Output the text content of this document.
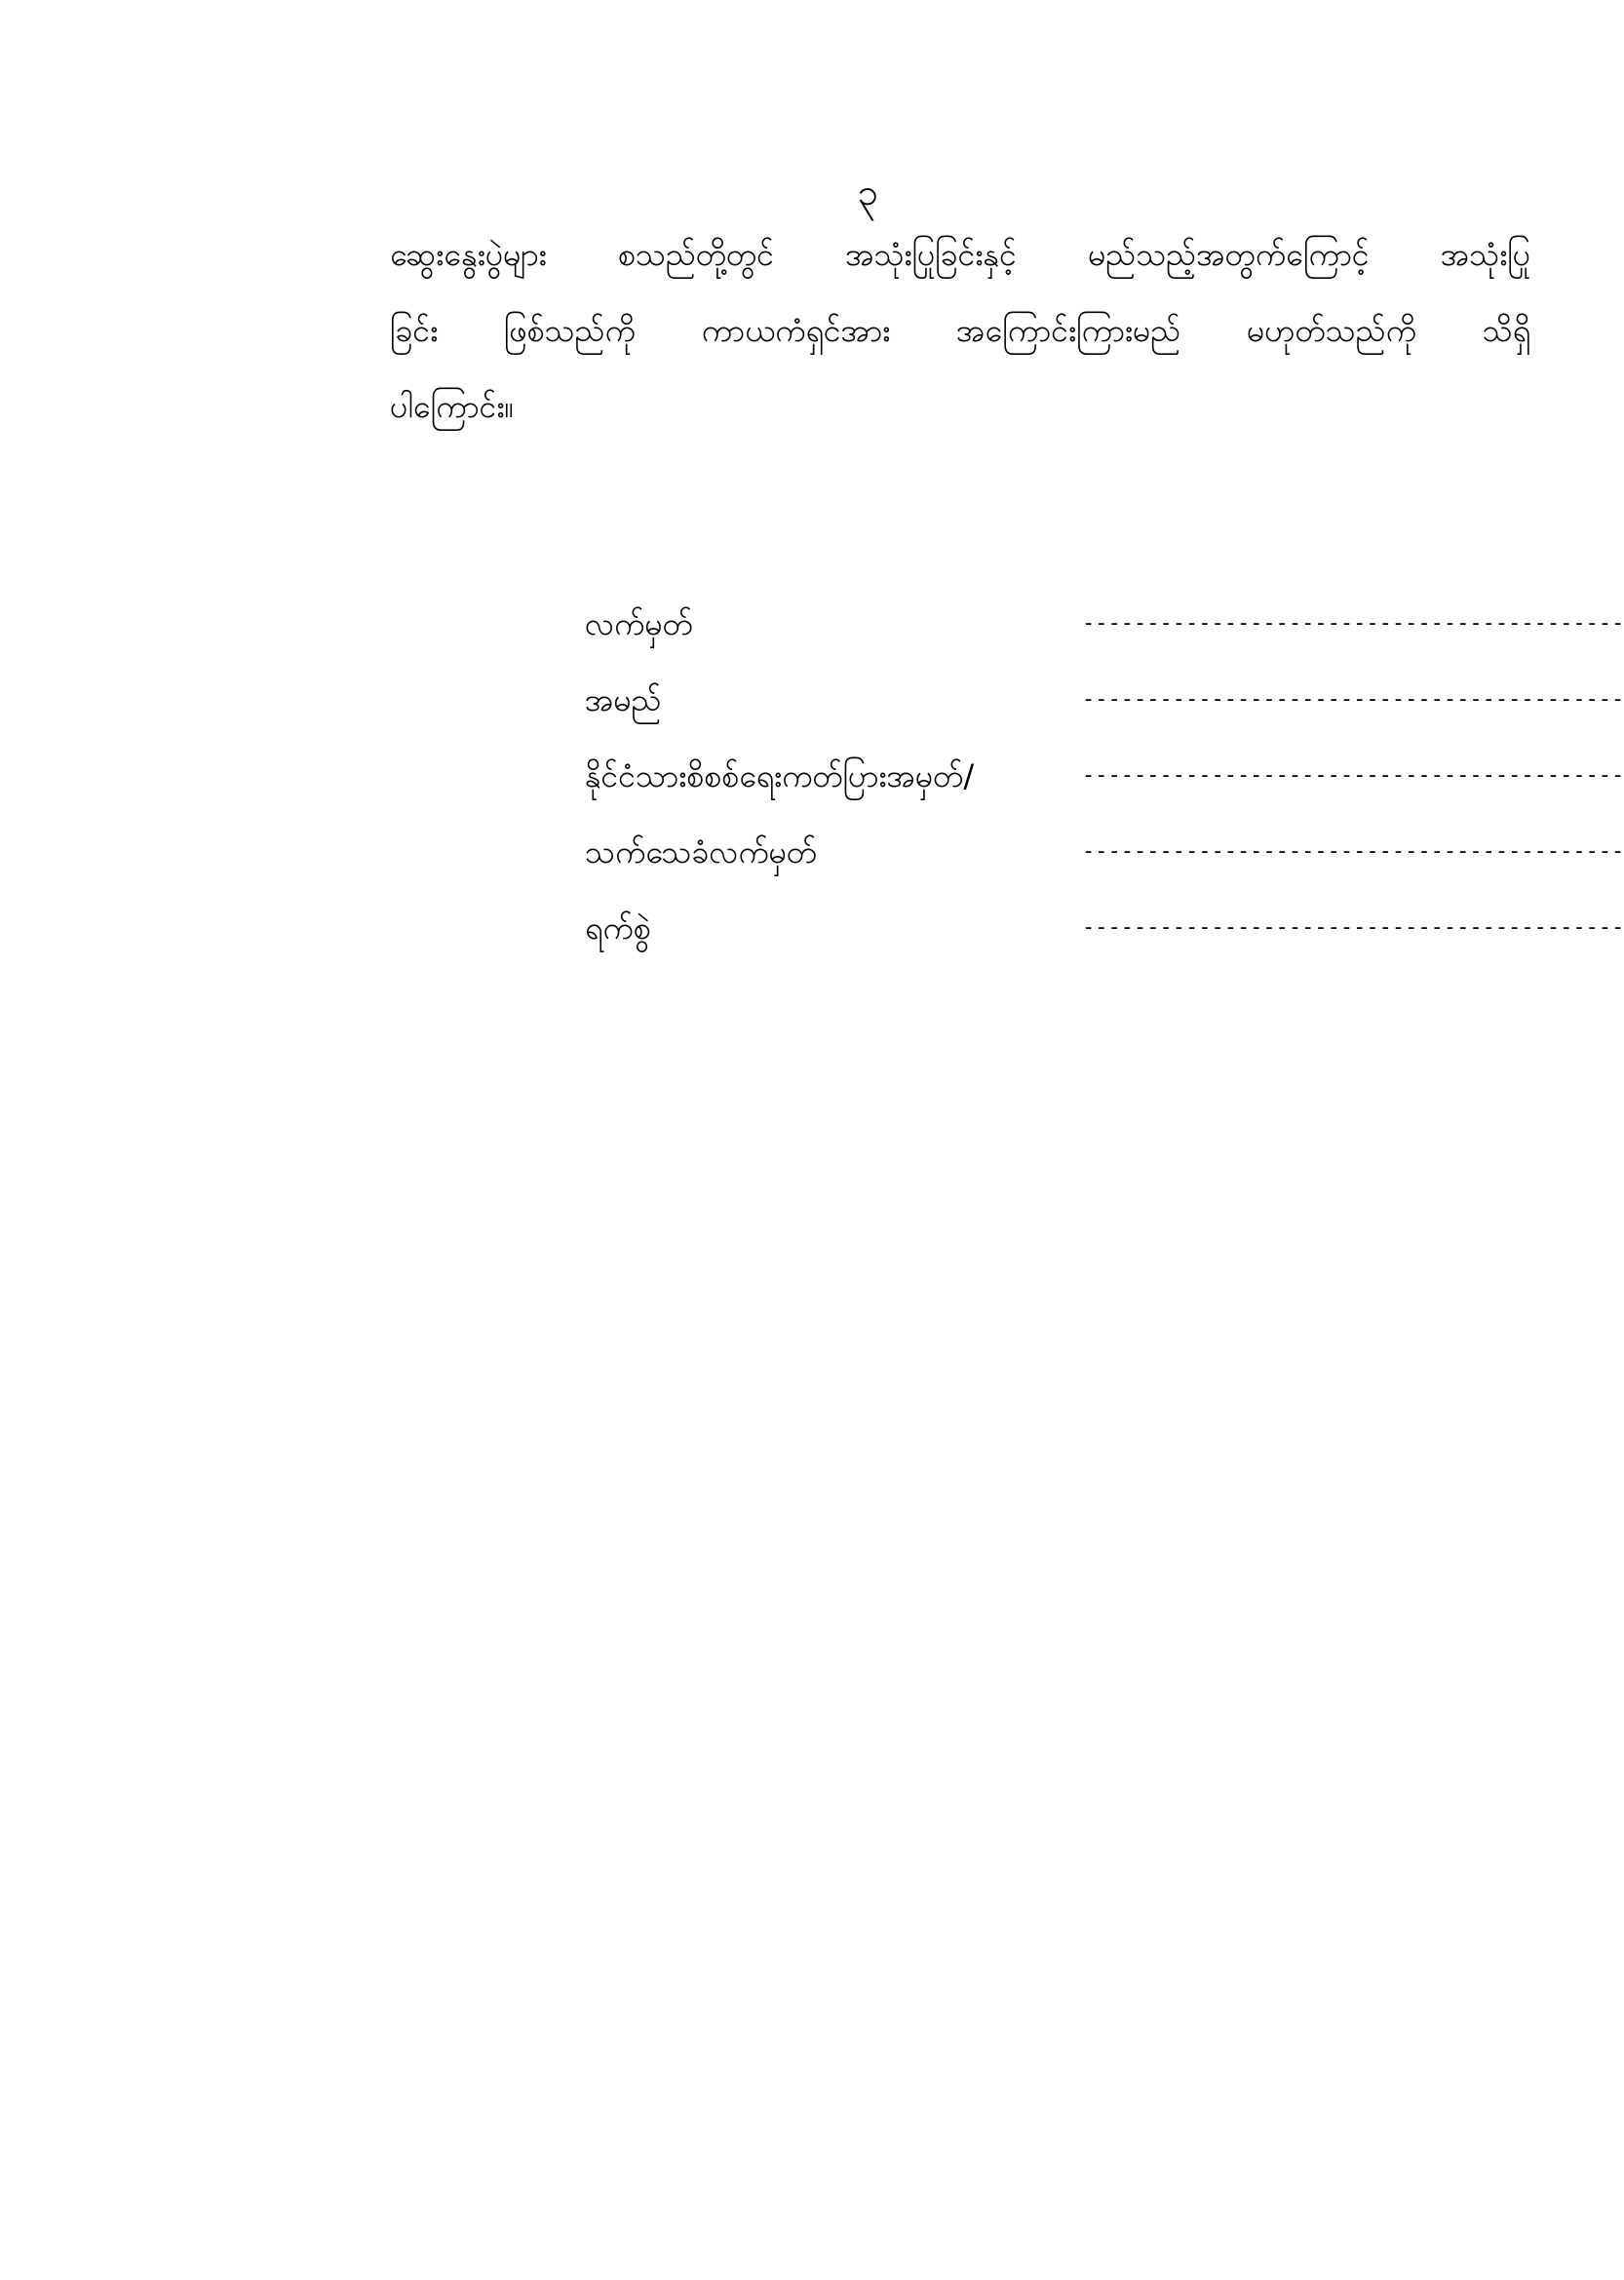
၃
ဆွေးနွေးပွဲများ စသည်တို့တွင် အသုံးပြုခြင်းနှင့် မည်သည့်အတွက်ကြောင့် အသုံးပြု
ခြင်း ဖြစ်သည်ကို ကာယကံရှင်အား အကြောင်းကြားမည် မဟုတ်သည်ကို သိရှိ
ပါကြောင်း။
လက်မှတ်	------------------------------------------
အမည်	------------------------------------------
နိုင်ငံသားစိစစ်ရေးကတ်ပြားအမှတ်/	------------------------------------------
သက်သေခံလက်မှတ်	------------------------------------------
ရက်စွဲ	------------------------------------------
